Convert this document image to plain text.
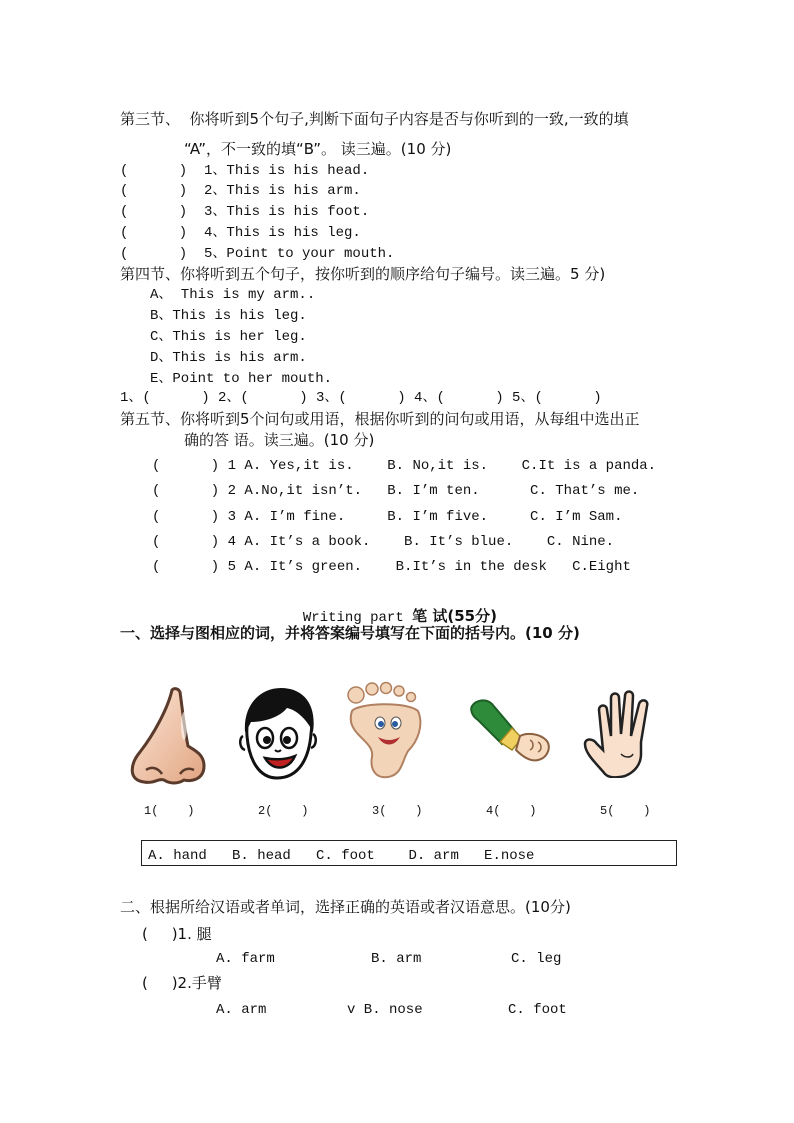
第三节、  你将听到5个句子,判断下面句子内容是否与你听到的一致,一致的填
“A”，不一致的填“B”。 读三遍。(10 分)
(      )  1、This is his head.
(      )  2、This is his arm.
(      )  3、This is his foot.
(      )  4、This is his leg.
(      )  5、Point to your mouth.
第四节、你将听到五个句子，按你听到的顺序给句子编号。读三遍。5 分)
A、 This is my arm..
B、This is his leg.
C、This is her leg.
D、This is his arm.
E、Point to her mouth.
1、(      ) 2、(      ) 3、(      ) 4、(      ) 5、(      )
第五节、你将听到5个问句或用语，根据你听到的问句或用语，从每组中选出正
确的答 语。读三遍。(10 分)
(      ) 1 A. Yes,it is.    B. No,it is.    C.It is a panda.
(      ) 2 A.No,it isn’t.   B. I’m ten.      C. That’s me.
(      ) 3 A. I’m fine.     B. I’m five.     C. I’m Sam.
(      ) 4 A. It’s a book.    B. It’s blue.    C. Nine.
(      ) 5 A. It’s green.    B.It’s in the desk   C.Eight

Writing part 笔 试(55分)

一、选择与图相应的词，并将答案编号填写在下面的括号内。(10 分)
1(    )	2(    )	3(    )	4(    )	5(    )
A. hand   B. head   C. foot    D. arm   E.nose
二、根据所给汉语或者单词，选择正确的英语或者汉语意思。(10分)
(     )1. 腿
A. farm	B. arm	C. leg
(     )2.手臂
A. arm	v B. nose	C. foot
